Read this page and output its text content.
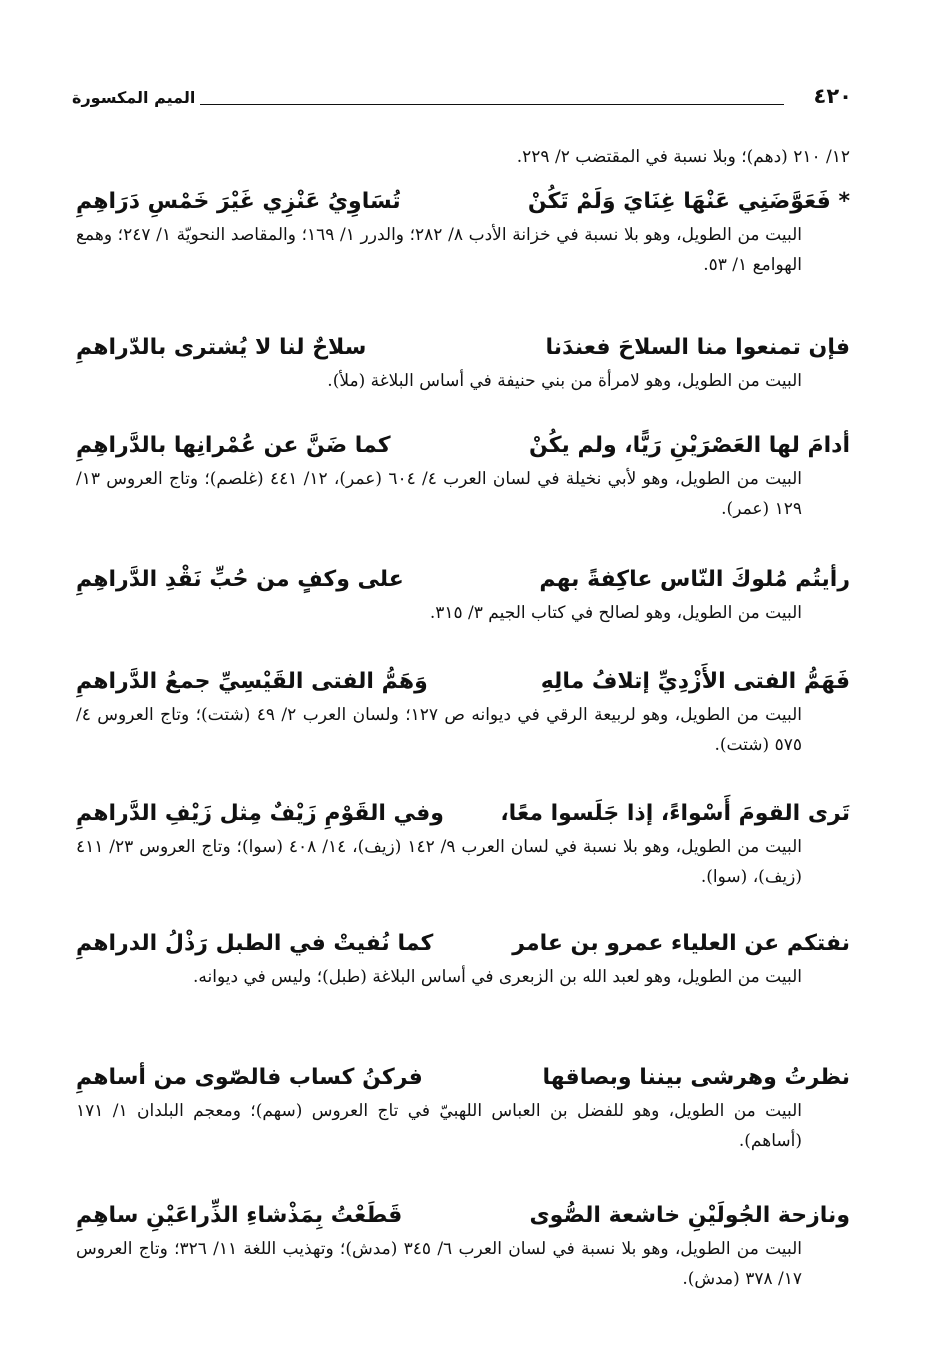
٤٢٠
الميم المكسورة
١٢/ ٢١٠ (دهم)؛ وبلا نسبة في المقتضب ٢/ ٢٢٩.
* فَعَوَّضَنِي عَنْهَا غِنَايَ وَلَمْ تَكُنْ
تُسَاوِيُ عَنْزِي غَيْرَ خَمْسِ دَرَاهِمِ
البيت من الطويل، وهو بلا نسبة في خزانة الأدب ٨/ ٢٨٢؛ والدرر ١/ ١٦٩؛ والمقاصد النحويّة ١/ ٢٤٧؛ وهمع الهوامع ١/ ٥٣.
فإن تمنعوا منا السلاحَ فعندَنا
سلاحٌ لنا لا يُشترى بالدّراهمِ
البيت من الطويل، وهو لامرأة من بني حنيفة في أساس البلاغة (ملأ).
أدامَ لها العَصْرَيْنِ رَيًّا، ولم يكُنْ
كما ضَنَّ عن عُمْرانِها بالدَّراهِمِ
البيت من الطويل، وهو لأبي نخيلة في لسان العرب ٤/ ٦٠٤ (عمر)، ١٢/ ٤٤١ (غلصم)؛ وتاج العروس ١٣/ ١٢٩ (عمر).
رأيتُم مُلوكَ النّاس عاكِفةً بهم
على وكفٍ من حُبِّ نَقْدِ الدَّراهِمِ
البيت من الطويل، وهو لصالح في كتاب الجيم ٣/ ٣١٥.
فَهَمُّ الفتى الأَزْدِيِّ إتلافُ مالِهِ
وَهَمُّ الفتى القَيْسِيِّ جمعُ الدَّراهمِ
البيت من الطويل، وهو لربيعة الرقي في ديوانه ص ١٢٧؛ ولسان العرب ٢/ ٤٩ (شتت)؛ وتاج العروس ٤/ ٥٧٥ (شتت).
تَرى القومَ أَسْواءً، إذا جَلَسوا معًا،
وفي القَوْمِ زَيْفٌ مِثل زَيْفِ الدَّراهمِ
البيت من الطويل، وهو بلا نسبة في لسان العرب ٩/ ١٤٢ (زيف)، ١٤/ ٤٠٨ (سوا)؛ وتاج العروس ٢٣/ ٤١١ (زيف)، (سوا).
نفتكم عن العلياء عمرو بن عامر
كما نُفيتْ في الطبل رَذْلُ الدراهمِ
البيت من الطويل، وهو لعبد الله بن الزبعرى في أساس البلاغة (طبل)؛ وليس في ديوانه.
نظرتُ وهرشى بيننا وبصاقها
فركنُ كساب فالصّوى من أساهمِ
البيت من الطويل، وهو للفضل بن العباس اللهبيّ في تاج العروس (سهم)؛ ومعجم البلدان ١/ ١٧١ (أساهم).
ونازحة الجُولَيْنِ خاشعة الصُّوى
قَطَعْتُ بِمَذْشاءِ الذِّراعَيْنِ ساهِمِ
البيت من الطويل، وهو بلا نسبة في لسان العرب ٦/ ٣٤٥ (مدش)؛ وتهذيب اللغة ١١/ ٣٢٦؛ وتاج العروس ١٧/ ٣٧٨ (مدش).
